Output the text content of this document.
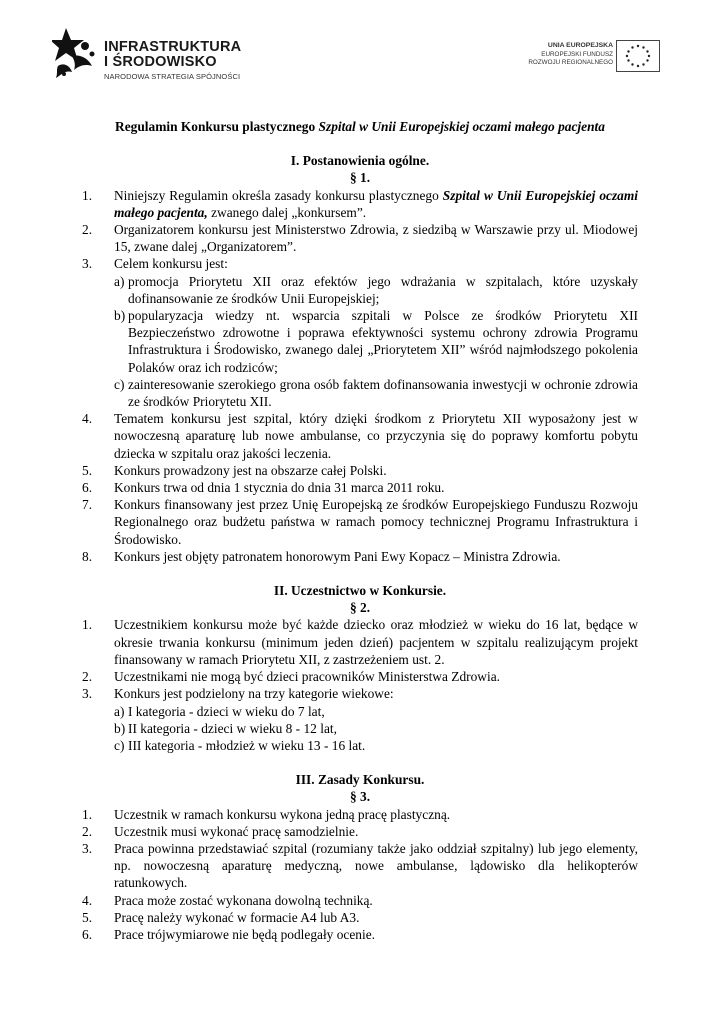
INFRASTRUKTURA
I ŚRODOWISKO
NARODOWA STRATEGIA SPÓJNOŚCI
UNIA EUROPEJSKA
EUROPEJSKI FUNDUSZ
ROZWOJU REGIONALNEGO

Regulamin Konkursu plastycznego Szpital w Unii Europejskiej oczami małego pacjenta

I. Postanowienia ogólne.

§ 1.

1.	Niniejszy Regulamin określa zasady konkursu plastycznego Szpital w Unii Europejskiej oczami małego pacjenta, zwanego dalej „konkursem”.
2.	Organizatorem konkursu jest Ministerstwo Zdrowia, z siedzibą w Warszawie przy ul. Miodowej 15, zwane dalej „Organizatorem”.
3.	Celem konkursu jest:
a) promocja Priorytetu XII oraz efektów jego wdrażania w szpitalach, które uzyskały dofinansowanie ze środków Unii Europejskiej;
b) popularyzacja wiedzy nt. wsparcia szpitali w Polsce ze środków Priorytetu XII Bezpieczeństwo zdrowotne i poprawa efektywności systemu ochrony zdrowia Programu Infrastruktura i Środowisko, zwanego dalej „Priorytetem XII” wśród najmłodszego pokolenia Polaków oraz ich rodziców;
c) zainteresowanie szerokiego grona osób faktem dofinansowania inwestycji w ochronie zdrowia ze środków Priorytetu XII.
4.	Tematem konkursu jest szpital, który dzięki środkom z Priorytetu XII wyposażony jest w nowoczesną aparaturę lub nowe ambulanse, co przyczynia się do poprawy komfortu pobytu dziecka w szpitalu oraz jakości leczenia.
5.	Konkurs prowadzony jest na obszarze całej Polski.
6.	Konkurs trwa od dnia 1 stycznia do dnia 31 marca 2011 roku.
7.	Konkurs finansowany jest przez Unię Europejską ze środków Europejskiego Funduszu Rozwoju Regionalnego oraz budżetu państwa w ramach pomocy technicznej Programu Infrastruktura i Środowisko.
8.	Konkurs jest objęty patronatem honorowym Pani Ewy Kopacz – Ministra Zdrowia.

II. Uczestnictwo w Konkursie.

§ 2.

1.	Uczestnikiem konkursu może być każde dziecko oraz młodzież w wieku do 16 lat, będące w okresie trwania konkursu (minimum jeden dzień) pacjentem w szpitalu realizującym projekt finansowany w ramach Priorytetu XII, z zastrzeżeniem ust. 2.
2.	Uczestnikami nie mogą być dzieci pracowników Ministerstwa Zdrowia.
3.	Konkurs jest podzielony na trzy kategorie wiekowe:
a) I kategoria - dzieci w wieku do 7 lat,
b) II kategoria - dzieci w wieku 8 - 12 lat,
c) III kategoria - młodzież w wieku 13 - 16 lat.

III. Zasady Konkursu.

§ 3.

1.	Uczestnik w ramach konkursu wykona jedną pracę plastyczną.
2.	Uczestnik musi wykonać pracę samodzielnie.
3.	Praca powinna przedstawiać szpital (rozumiany także jako oddział szpitalny) lub jego elementy, np. nowoczesną aparaturę medyczną, nowe ambulanse, lądowisko dla helikopterów ratunkowych.
4.	Praca może zostać wykonana dowolną techniką.
5.	Pracę należy wykonać w formacie A4 lub A3.
6.	Prace trójwymiarowe nie będą podlegały ocenie.
